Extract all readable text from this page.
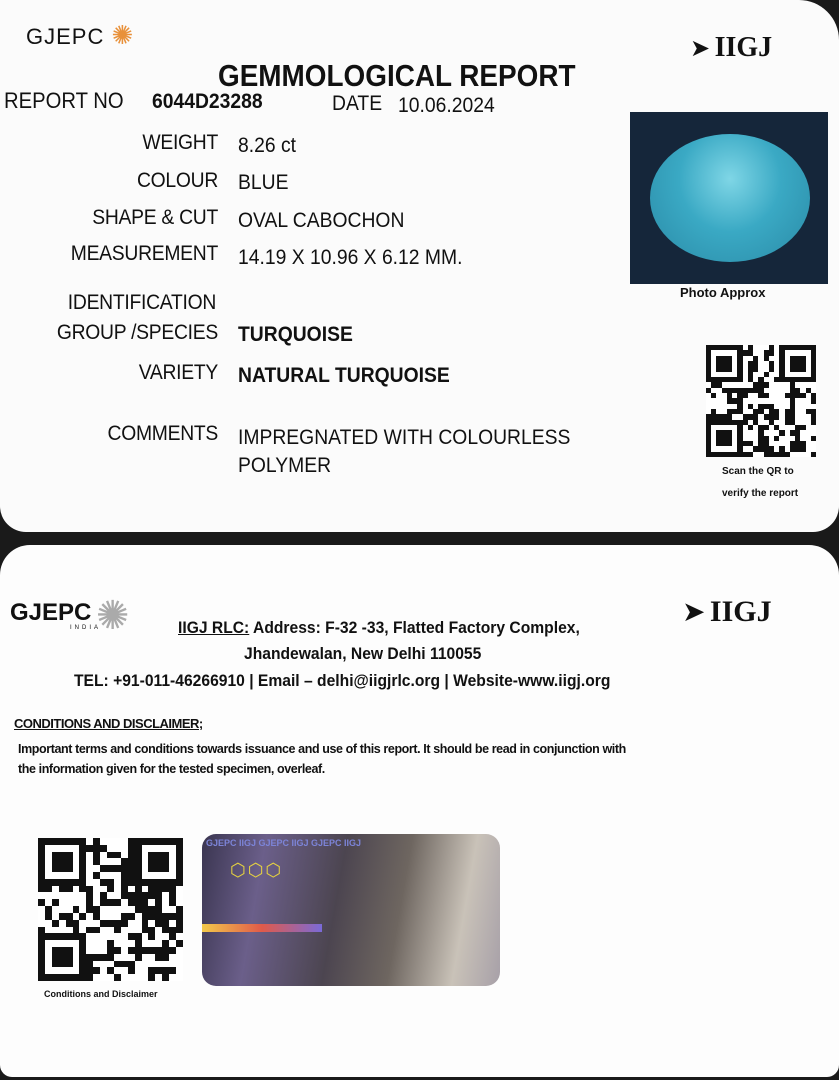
GJEPC ✺	➤ IIGJ
GEMMOLOGICAL REPORT
REPORT NO 6044D23288	DATE 10.06.2024
WEIGHT 8.26 ct
COLOUR BLUE
SHAPE & CUT OVAL CABOCHON
MEASUREMENT 14.19 X 10.96 X 6.12 MM.
IDENTIFICATION
GROUP /SPECIES TURQUOISE
VARIETY NATURAL TURQUOISE
COMMENTS IMPREGNATED WITH COLOURLESS
POLYMER
Photo Approx
Scan the QR to
verify the report
GJEPC ✺
INDIA
➤ IIGJ
IIGJ RLC: Address: F-32 -33, Flatted Factory Complex,
Jhandewalan, New Delhi 110055
TEL: +91-011-46266910 | Email – delhi@iigjrlc.org | Website-www.iigj.org
CONDITIONS AND DISCLAIMER;
Important terms and conditions towards issuance and use of this report. It should be read in conjunction with
the information given for the tested specimen, overleaf.
Conditions and Disclaimer
GJEPC IIGJ GJEPC IIGJ GJEPC IIGJ
⬡⬡⬡
